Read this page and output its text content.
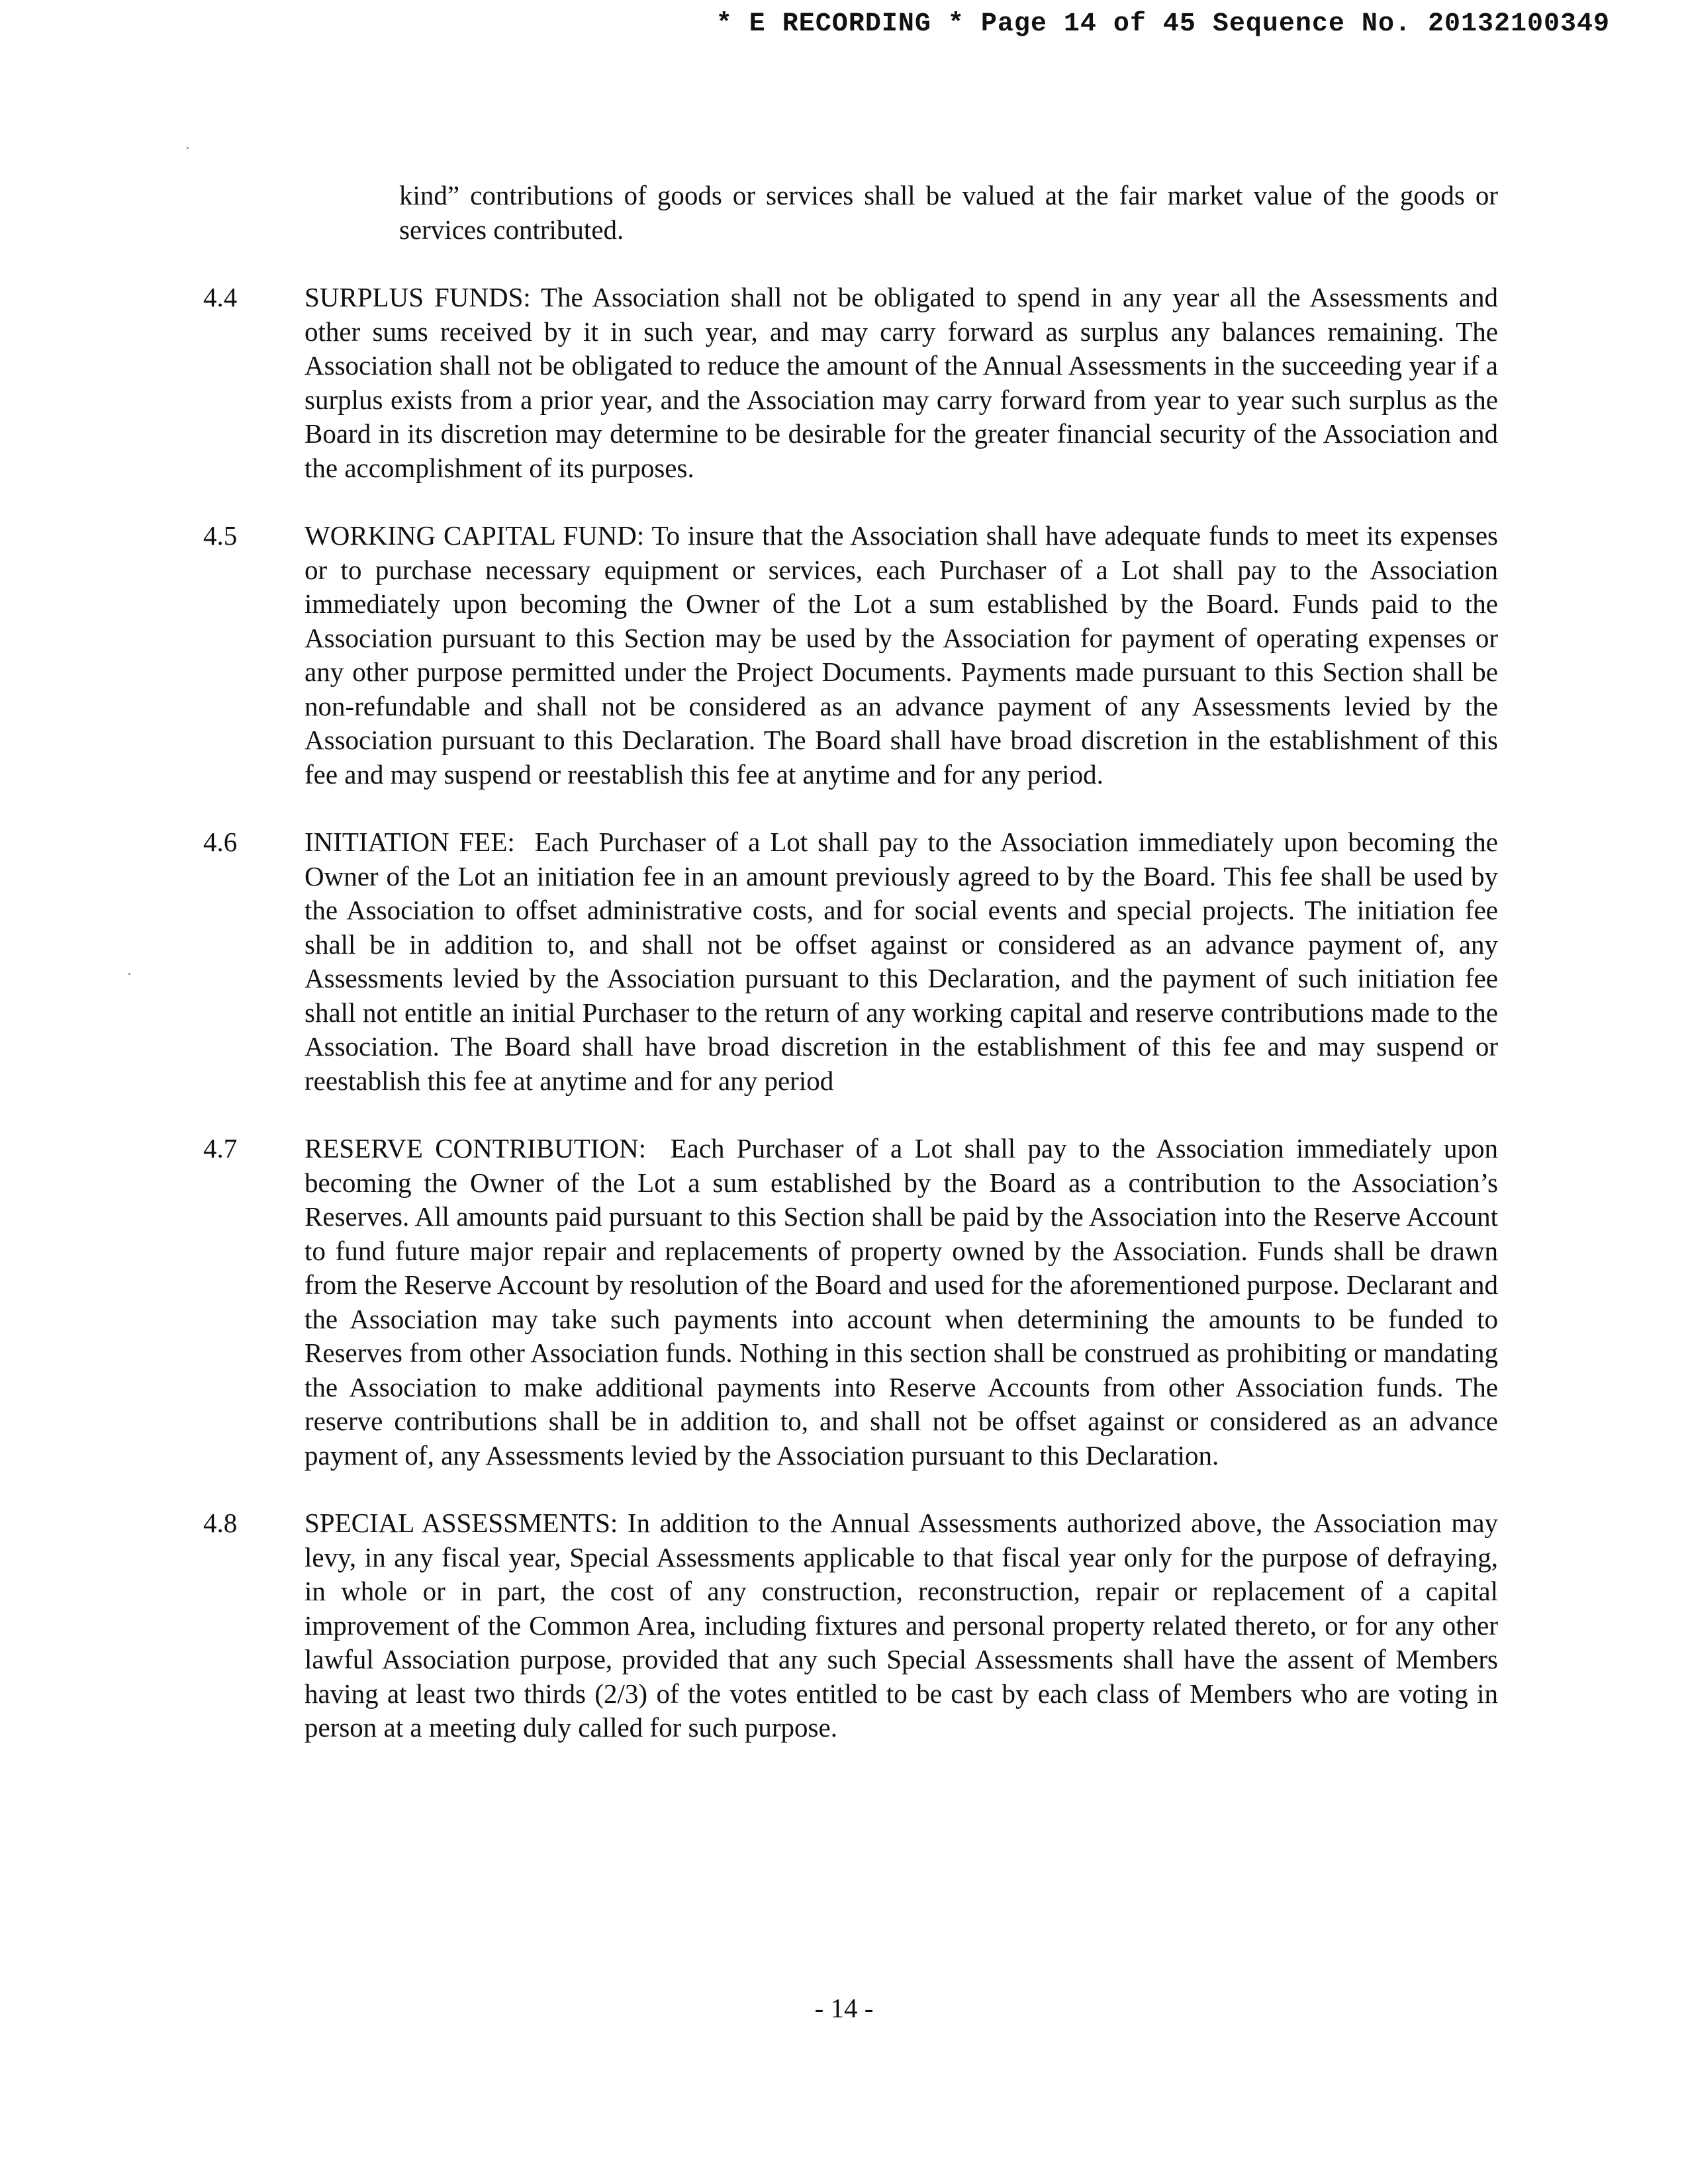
* E RECORDING * Page 14 of 45 Sequence No. 20132100349
kind” contributions of goods or services shall be valued at the fair market value of the goods or services contributed.
4.4 SURPLUS FUNDS: The Association shall not be obligated to spend in any year all the Assessments and other sums received by it in such year, and may carry forward as surplus any balances remaining. The Association shall not be obligated to reduce the amount of the Annual Assessments in the succeeding year if a surplus exists from a prior year, and the Association may carry forward from year to year such surplus as the Board in its discretion may determine to be desirable for the greater financial security of the Association and the accomplishment of its purposes.
4.5 WORKING CAPITAL FUND: To insure that the Association shall have adequate funds to meet its expenses or to purchase necessary equipment or services, each Purchaser of a Lot shall pay to the Association immediately upon becoming the Owner of the Lot a sum established by the Board. Funds paid to the Association pursuant to this Section may be used by the Association for payment of operating expenses or any other purpose permitted under the Project Documents. Payments made pursuant to this Section shall be non-refundable and shall not be considered as an advance payment of any Assessments levied by the Association pursuant to this Declaration. The Board shall have broad discretion in the establishment of this fee and may suspend or reestablish this fee at anytime and for any period.
4.6 INITIATION FEE: Each Purchaser of a Lot shall pay to the Association immediately upon becoming the Owner of the Lot an initiation fee in an amount previously agreed to by the Board. This fee shall be used by the Association to offset administrative costs, and for social events and special projects. The initiation fee shall be in addition to, and shall not be offset against or considered as an advance payment of, any Assessments levied by the Association pursuant to this Declaration, and the payment of such initiation fee shall not entitle an initial Purchaser to the return of any working capital and reserve contributions made to the Association. The Board shall have broad discretion in the establishment of this fee and may suspend or reestablish this fee at anytime and for any period
4.7 RESERVE CONTRIBUTION: Each Purchaser of a Lot shall pay to the Association immediately upon becoming the Owner of the Lot a sum established by the Board as a contribution to the Association’s Reserves. All amounts paid pursuant to this Section shall be paid by the Association into the Reserve Account to fund future major repair and replacements of property owned by the Association. Funds shall be drawn from the Reserve Account by resolution of the Board and used for the aforementioned purpose. Declarant and the Association may take such payments into account when determining the amounts to be funded to Reserves from other Association funds. Nothing in this section shall be construed as prohibiting or mandating the Association to make additional payments into Reserve Accounts from other Association funds. The reserve contributions shall be in addition to, and shall not be offset against or considered as an advance payment of, any Assessments levied by the Association pursuant to this Declaration.
4.8 SPECIAL ASSESSMENTS: In addition to the Annual Assessments authorized above, the Association may levy, in any fiscal year, Special Assessments applicable to that fiscal year only for the purpose of defraying, in whole or in part, the cost of any construction, reconstruction, repair or replacement of a capital improvement of the Common Area, including fixtures and personal property related thereto, or for any other lawful Association purpose, provided that any such Special Assessments shall have the assent of Members having at least two thirds (2/3) of the votes entitled to be cast by each class of Members who are voting in person at a meeting duly called for such purpose.
- 14 -
